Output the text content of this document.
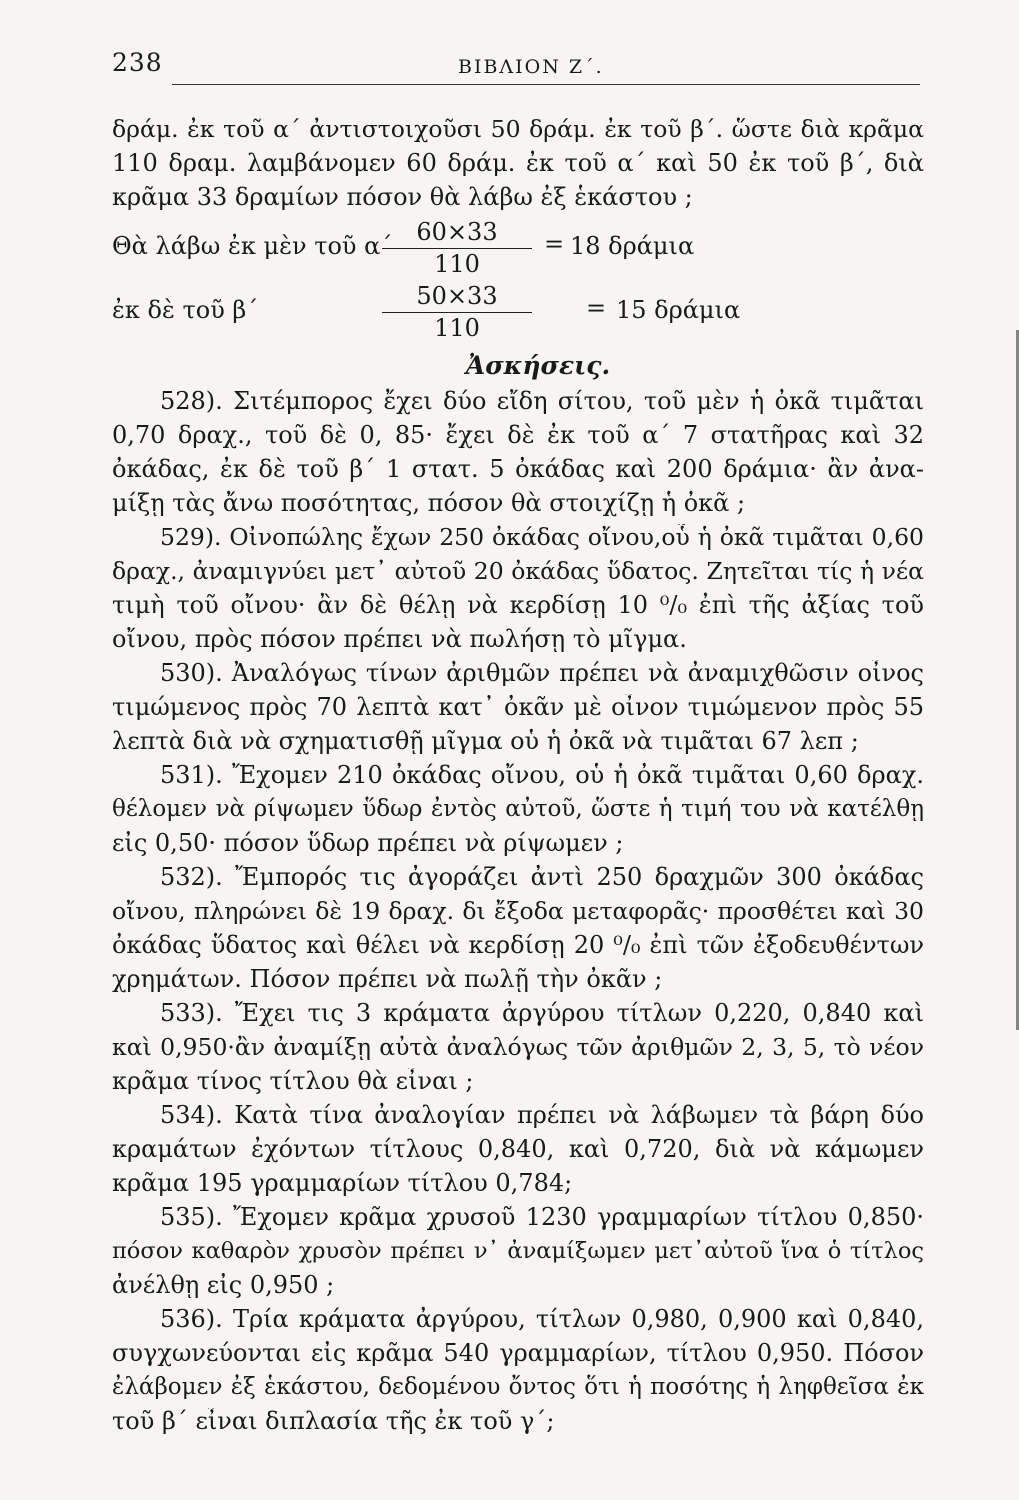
238	ΒΙΒΛΙΟΝ Ζ΄.
δράμ. ἐκ τοῦ α΄ ἀντιστοιχοῦσι 50 δράμ. ἐκ τοῦ β΄. ὥστε διὰ κρᾶμα
110 δραμ. λαμβάνομεν 60 δράμ. ἐκ τοῦ α΄ καὶ 50 ἐκ τοῦ β΄, διὰ
κρᾶμα 33 δραμίων πόσον θὰ λάβω ἐξ ἑκάστου ;
Θὰ λάβω ἐκ μὲν τοῦ α΄	60×33
110
= 18 δράμια
ἐκ δὲ τοῦ β΄	50×33
110
= 15 δράμια
Ἀσκήσεις.
528). Σιτέμπορος ἔχει δύο εἴδη σίτου, τοῦ μὲν ἡ ὀκᾶ τιμᾶται
0,70 δραχ., τοῦ δὲ 0, 85· ἔχει δὲ ἐκ τοῦ α΄ 7 στατῆρας καὶ 32
ὀκάδας, ἐκ δὲ τοῦ β΄ 1 στατ. 5 ὀκάδας καὶ 200 δράμια· ἂν ἀνα-
μίξῃ τὰς ἄνω ποσότητας, πόσον θὰ στοιχίζῃ ἡ ὀκᾶ ;
529). Οἰνοπώλης ἔχων 250 ὀκάδας οἴνου,οὗ ἡ ὀκᾶ τιμᾶται 0,60
δραχ., ἀναμιγνύει μετ᾽ αὐτοῦ 20 ὀκάδας ὕδατος. Ζητεῖται τίς ἡ νέα
τιμὴ τοῦ οἴνου· ἂν δὲ θέλῃ νὰ κερδίσῃ 10 ⁰/₀ ἐπὶ τῆς ἀξίας τοῦ
οἴνου, πρὸς πόσον πρέπει νὰ πωλήσῃ τὸ μῖγμα.
530). Ἀναλόγως τίνων ἀριθμῶν πρέπει νὰ ἀναμιχθῶσιν οἶνος
τιμώμενος πρὸς 70 λεπτὰ κατ᾽ ὀκᾶν μὲ οἶνον τιμώμενον πρὸς 55
λεπτὰ διὰ νὰ σχηματισθῇ μῖγμα οὗ ἡ ὀκᾶ νὰ τιμᾶται 67 λεπ ;
531). Ἔχομεν 210 ὀκάδας οἴνου, οὗ ἡ ὀκᾶ τιμᾶται 0,60 δραχ.
θέλομεν νὰ ρίψωμεν ὕδωρ ἐντὸς αὐτοῦ, ὥστε ἡ τιμή του νὰ κατέλθῃ
εἰς 0,50· πόσον ὕδωρ πρέπει νὰ ρίψωμεν ;
532). Ἔμπορός τις ἀγοράζει ἀντὶ 250 δραχμῶν 300 ὀκάδας
οἴνου, πληρώνει δὲ 19 δραχ. δι ἔξοδα μεταφορᾶς· προσθέτει καὶ 30
ὀκάδας ὕδατος καὶ θέλει νὰ κερδίσῃ 20 ⁰/₀ ἐπὶ τῶν ἐξοδευθέντων
χρημάτων. Πόσον πρέπει νὰ πωλῇ τὴν ὀκᾶν ;
533). Ἔχει τις 3 κράματα ἀργύρου τίτλων 0,220, 0,840 καὶ
καὶ 0,950·ἂν ἀναμίξῃ αὐτὰ ἀναλόγως τῶν ἀριθμῶν 2, 3, 5, τὸ νέον
κρᾶμα τίνος τίτλου θὰ εἶναι ;
534). Κατὰ τίνα ἀναλογίαν πρέπει νὰ λάβωμεν τὰ βάρη δύο
κραμάτων ἐχόντων τίτλους 0,840, καὶ 0,720, διὰ νὰ κάμωμεν
κρᾶμα 195 γραμμαρίων τίτλου 0,784;
535). Ἔχομεν κρᾶμα χρυσοῦ 1230 γραμμαρίων τίτλου 0,850·
πόσον καθαρὸν χρυσὸν πρέπει ν᾽ ἀναμίξωμεν μετ᾽αὐτοῦ ἵνα ὁ τίτλος
ἀνέλθῃ εἰς 0,950 ;
536). Τρία κράματα ἀργύρου, τίτλων 0,980, 0,900 καὶ 0,840,
συγχωνεύονται εἰς κρᾶμα 540 γραμμαρίων, τίτλου 0,950. Πόσον
ἐλάβομεν ἐξ ἑκάστου, δεδομένου ὄντος ὅτι ἡ ποσότης ἡ ληφθεῖσα ἐκ
τοῦ β΄ εἶναι διπλασία τῆς ἐκ τοῦ γ΄;
